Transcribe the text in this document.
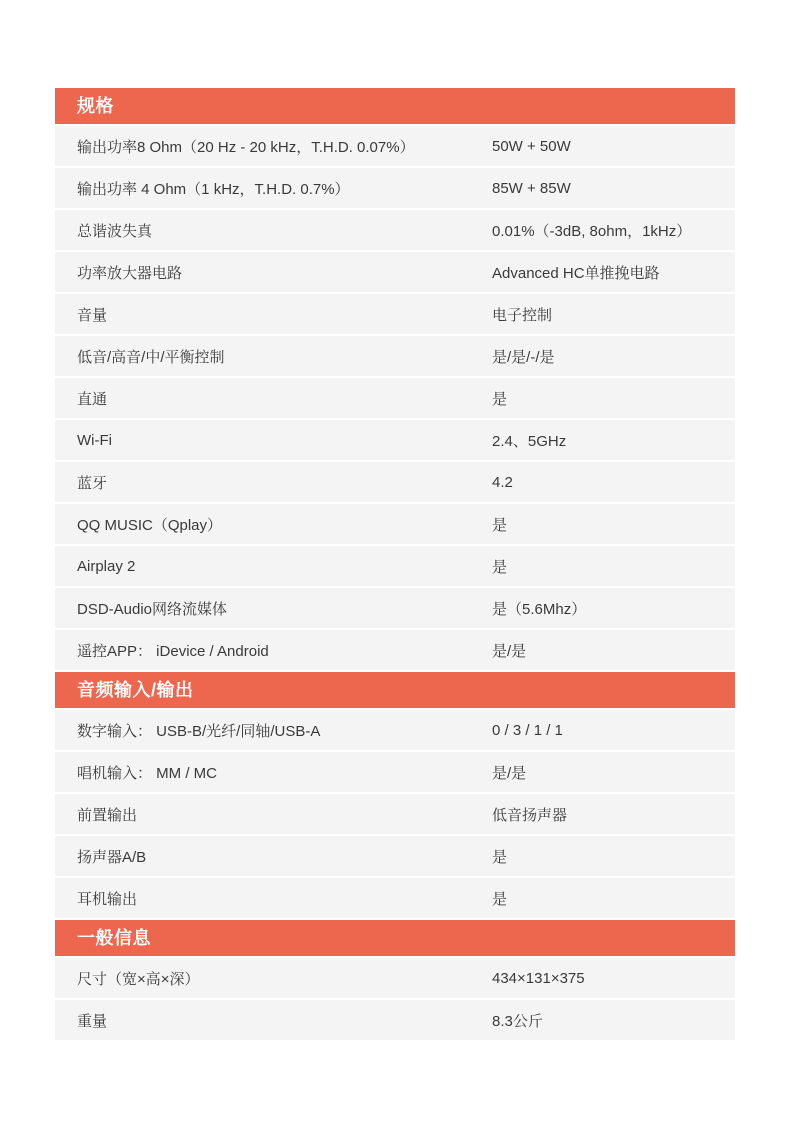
规格
输出功率8 Ohm（20 Hz - 20 kHz，T.H.D. 0.07%）	50W + 50W
输出功率 4 Ohm（1 kHz，T.H.D. 0.7%）	85W + 85W
总谐波失真	0.01%（-3dB, 8ohm，1kHz）
功率放大器电路	Advanced HC单推挽电路
音量	电子控制
低音/高音/中/平衡控制	是/是/-/是
直通	是
Wi-Fi	2.4、5GHz
蓝牙	4.2
QQ MUSIC（Qplay）	是
Airplay 2	是
DSD-Audio网络流媒体	是（5.6Mhz）
遥控APP： iDevice / Android	是/是
音频输入/输出
数字输入： USB-B/光纤/同轴/USB-A	0 / 3 / 1 / 1
唱机输入： MM / MC	是/是
前置输出	低音扬声器
扬声器A/B	是
耳机输出	是
一般信息
尺寸（宽×高×深）	434×131×375
重量	8.3公斤
